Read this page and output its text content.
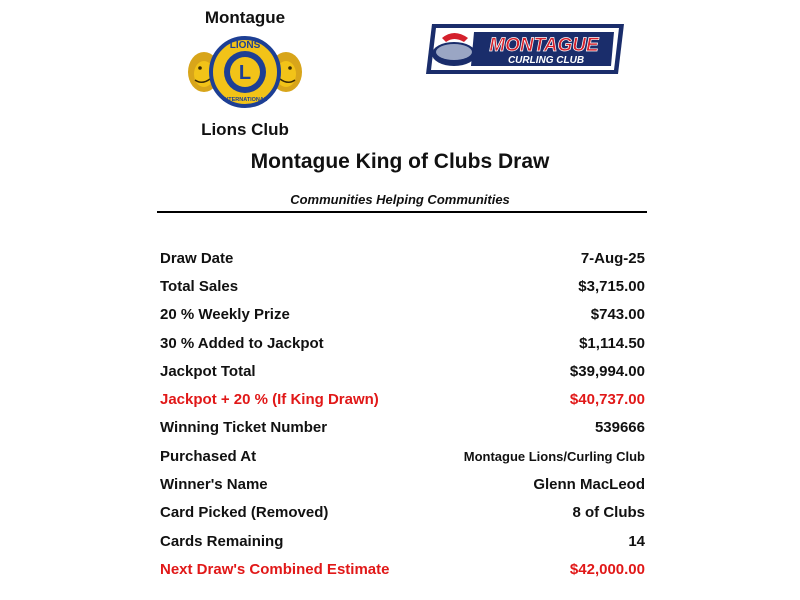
Montague
LIONS
L
INTERNATIONAL
Lions Club
MONTAGUE
CURLING CLUB
Montague King of Clubs Draw
Communities Helping Communities
Draw Date	7-Aug-25
Total Sales	$3,715.00
20 % Weekly Prize	$743.00
30 % Added to Jackpot	$1,114.50
Jackpot Total	$39,994.00
Jackpot + 20 % (If King Drawn)	$40,737.00
Winning Ticket Number	539666
Purchased At	Montague Lions/Curling Club
Winner's Name	Glenn MacLeod
Card Picked (Removed)	8 of Clubs
Cards Remaining	14
Next Draw's Combined Estimate	$42,000.00
